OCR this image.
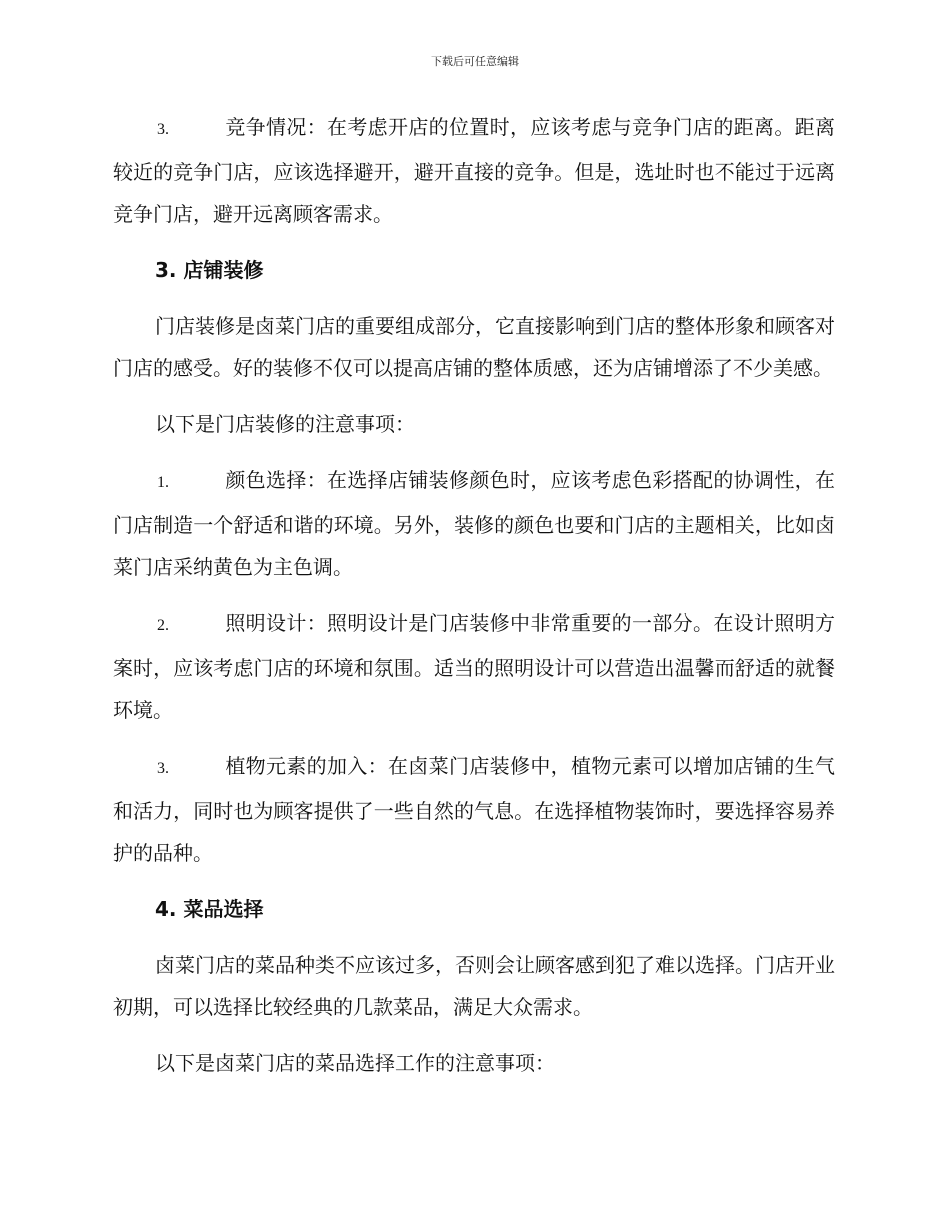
下载后可任意编辑
3.	竞争情况：在考虑开店的位置时，应该考虑与竞争门店的距离。距离较近的竞争门店，应该选择避开，避开直接的竞争。但是，选址时也不能过于远离竞争门店，避开远离顾客需求。
3. 店铺装修

门店装修是卤菜门店的重要组成部分，它直接影响到门店的整体形象和顾客对门店的感受。好的装修不仅可以提高店铺的整体质感，还为店铺增添了不少美感。

以下是门店装修的注意事项：

1.	颜色选择：在选择店铺装修颜色时，应该考虑色彩搭配的协调性，在门店制造一个舒适和谐的环境。另外，装修的颜色也要和门店的主题相关，比如卤菜门店采纳黄色为主色调。
2.	照明设计：照明设计是门店装修中非常重要的一部分。在设计照明方案时，应该考虑门店的环境和氛围。适当的照明设计可以营造出温馨而舒适的就餐环境。
3.	植物元素的加入：在卤菜门店装修中，植物元素可以增加店铺的生气和活力，同时也为顾客提供了一些自然的气息。在选择植物装饰时，要选择容易养护的品种。
4. 菜品选择

卤菜门店的菜品种类不应该过多，否则会让顾客感到犯了难以选择。门店开业初期，可以选择比较经典的几款菜品，满足大众需求。

以下是卤菜门店的菜品选择工作的注意事项：
